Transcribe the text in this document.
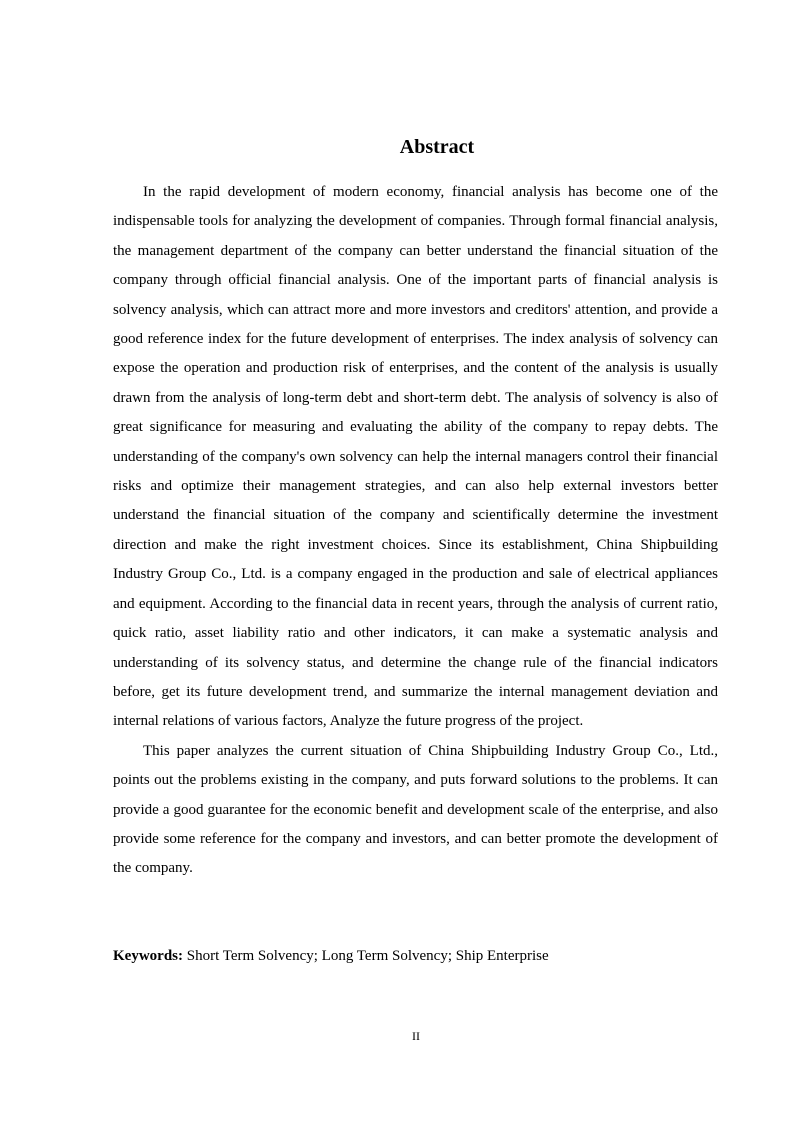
Abstract

In the rapid development of modern economy, financial analysis has become one of the indispensable tools for analyzing the development of companies. Through formal financial analysis, the management department of the company can better understand the financial situation of the company through official financial analysis. One of the important parts of financial analysis is solvency analysis, which can attract more and more investors and creditors' attention, and provide a good reference index for the future development of enterprises. The index analysis of solvency can expose the operation and production risk of enterprises, and the content of the analysis is usually drawn from the analysis of long-term debt and short-term debt. The analysis of solvency is also of great significance for measuring and evaluating the ability of the company to repay debts. The understanding of the company's own solvency can help the internal managers control their financial risks and optimize their management strategies, and can also help external investors better understand the financial situation of the company and scientifically determine the investment direction and make the right investment choices. Since its establishment, China Shipbuilding Industry Group Co., Ltd. is a company engaged in the production and sale of electrical appliances and equipment. According to the financial data in recent years, through the analysis of current ratio, quick ratio, asset liability ratio and other indicators, it can make a systematic analysis and understanding of its solvency status, and determine the change rule of the financial indicators before, get its future development trend, and summarize the internal management deviation and internal relations of various factors, Analyze the future progress of the project.

This paper analyzes the current situation of China Shipbuilding Industry Group Co., Ltd., points out the problems existing in the company, and puts forward solutions to the problems. It can provide a good guarantee for the economic benefit and development scale of the enterprise, and also provide some reference for the company and investors, and can better promote the development of the company.

Keywords: Short Term Solvency; Long Term Solvency; Ship Enterprise

II
